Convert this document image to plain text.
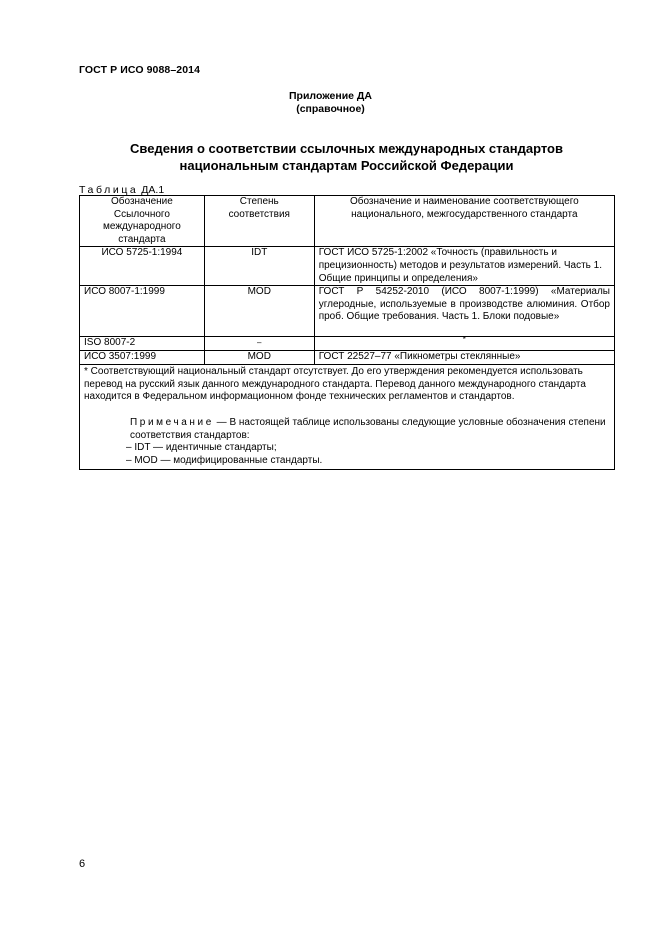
ГОСТ Р ИСО 9088–2014
Приложение ДА
(справочное)
Сведения о соответствии ссылочных международных стандартов
национальным стандартам Российской Федерации
Таблица ДА.1
Обозначение Ссылочного международного стандарта	Степень соответствия	Обозначение и наименование соответствующего национального, межгосударственного стандарта
ИСО 5725-1:1994	IDT	ГОСТ ИСО 5725-1:2002 «Точность (правильность и прецизионность) методов и результатов измерений. Часть 1. Общие принципы и определения»
ИСО 8007-1:1999	MOD	ГОСТ Р 54252-2010 (ИСО 8007-1:1999) «Материалы углеродные, используемые в производстве алюминия. Отбор проб. Общие требования. Часть 1. Блоки подовые»
ISO 8007-2	–	*

ИСО 3507:1999	MOD	ГОСТ 22527–77 «Пикнометры стеклянные»

* Соответствующий национальный стандарт отсутствует. До его утверждения рекомендуется использовать перевод на русский язык данного международного стандарта. Перевод данного международного стандарта находится в Федеральном информационном фонде технических регламентов и стандартов.
Примечание — В настоящей таблице использованы следующие условные обозначения степени соответствия стандартов:
– IDT — идентичные стандарты;
– MOD — модифицированные стандарты.		
6
